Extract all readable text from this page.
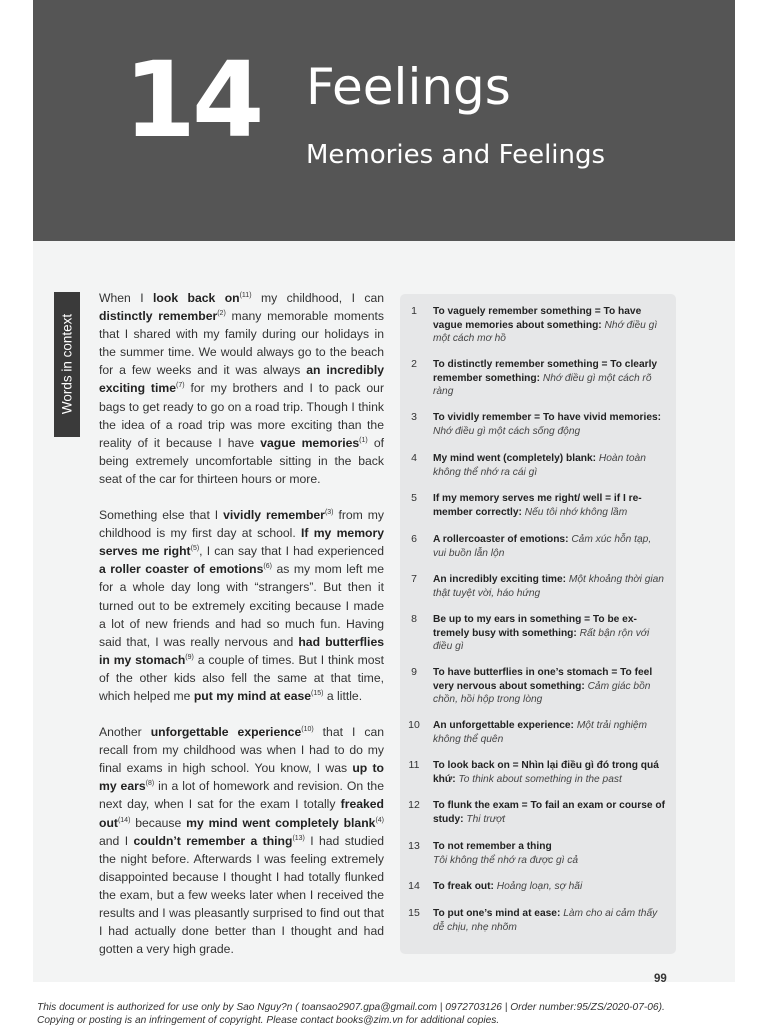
14 Feelings
Memories and Feelings
Words in context

When I look back $on^{(11)}$ my childhood, I can distinctly remember$^{(2)}$ many memorable moments that I shared with my family during our holidays in the summer time. We would always go to the beach for a few weeks and it was always an incredibly exciting time$^{(7)}$ for my brothers and I to pack our bags to get ready to go on a road trip. Though I think the idea of a road trip was more exciting than the reality of it because I have vague memories$^{(1)}$ of being extremely uncomfortable sitting in the back seat of the car for thirteen hours or more.

Something else that I vividly remember$^{(3)}$ from my childhood is my first day at school. If my memory serves me right$^{(5)}$, I can say that I had experienced a roller coaster of emotions$^{(6)}$ as my mom left me for a whole day long with “strangers”. But then it turned out to be extremely exciting because I made a lot of new friends and had so much fun. Having said that, I was really nervous and had butterflies in my stomach$^{(9)}$ a couple of times. But I think most of the other kids also fell the same at that time, which helped me put my mind at ease$^{(15)}$ a little.

Another unforgettable experience$^{(10)}$ that I can recall from my childhood was when I had to do my final exams in high school. You know, I was up to my ears$^{(8)}$ in a lot of homework and revision. On the next day, when I sat for the exam I totally freaked out$^{(14)}$ because my mind went completely blank$^{(4)}$ and I couldn’t remember a thing$^{(13)}$ I had studied the night before. Afterwards I was feeling extremely disappointed because I thought I had totally flunked the exam, but a few weeks later when I received the results and I was pleasantly surprised to find out that I had actually done better than I thought and had gotten a very high grade.

1	To vaguely remember something = To have vague memories about something: Nhớ điều gì một cách mơ hồ
2	To distinctly remember something = To clearly remember something: Nhớ điều gì một cách rõ ràng
3	To vividly remember = To have vivid memories: Nhớ điều gì một cách sống động
4	My mind went (completely) blank: Hoàn toàn không thể nhớ ra cái gì
5	If my memory serves me right/ well = if I re-member correctly: Nếu tôi nhớ không lầm
6	A rollercoaster of emotions: Cảm xúc hỗn tạp, vui buồn lẫn lộn
7	An incredibly exciting time: Một khoảng thời gian thật tuyệt vời, háo hứng
8	Be up to my ears in something = To be ex-tremely busy with something: Rất bận rộn với điều gì
9	To have butterflies in one’s stomach = To feel very nervous about something: Cảm giác bồn chồn, hồi hộp trong lòng
10 An unforgettable experience: Một trải nghiệm không thể quên
11 To look back on = Nhìn lại điều gì đó trong quá khứ: To think about something in the past
12 To flunk the exam = To fail an exam or course of study: Thi trượt
13 To not remember a thing
Tôi không thể nhớ ra được gì cả
14 To freak out: Hoảng loạn, sợ hãi
15 To put one’s mind at ease: Làm cho ai cảm thấy dễ chịu, nhẹ nhõm
99
This document is authorized for use only by Sao Nguy?n ( toansao2907.gpa@gmail.com | 0972703126 | Order number:95/ZS/2020-07-06).
Copying or posting is an infringement of copyright. Please contact books@zim.vn for additional copies.
